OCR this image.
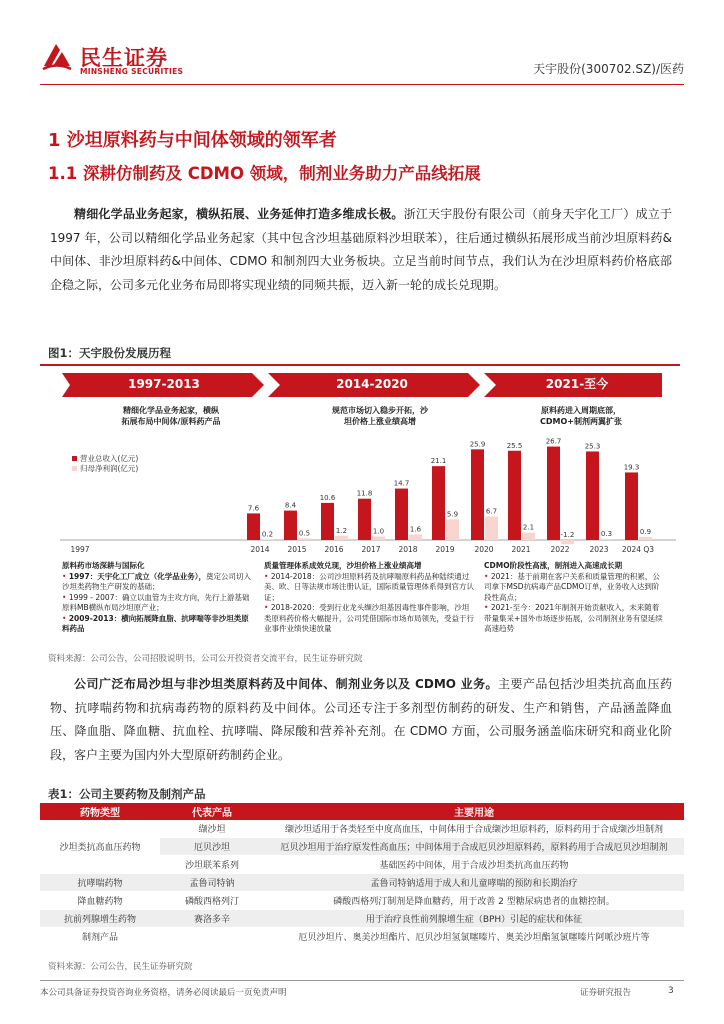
民生证券
MINSHENG SECURITIES	天宇股份(300702.SZ)/医药
1 沙坦原料药与中间体领域的领军者
1.1 深耕仿制药及 CDMO 领域，制剂业务助力产品线拓展
精细化学品业务起家，横纵拓展、业务延伸打造多维成长极。浙江天宇股份有限公司（前身天宇化工厂）成立于 1997 年，公司以精细化学品业务起家（其中包含沙坦基础原料沙坦联苯），往后通过横纵拓展形成当前沙坦原料药&中间体、非沙坦原料药&中间体、CDMO 和制剂四大业务板块。立足当前时间节点，我们认为在沙坦原料药价格底部企稳之际，公司多元化业务布局即将实现业绩的同频共振，迈入新一轮的成长兑现期。
图1：天宇股份发展历程
1997-2013	2014-2020	2021-至今
精细化学品业务起家，横纵
拓展布局中间体/原料药产品
规范市场切入稳步开拓，沙
坦价格上涨业绩高增
原料药进入周期底部，
CDMO+制剂两翼扩张
营业总收入(亿元)
归母净利润(亿元)
1997
7.6
0.2
2014
8.4
0.5
2015
10.6
1.2
2016
11.8
1.0
2017
14.7
1.6
2018
21.1
5.9
2019
25.9
6.7
2020
25.5
2.1
2021
26.7
-1.2
2022
25.3
0.3
2023
19.3
0.9
2024 Q3
原料药市场深耕与国际化
• 1997：天宇化工厂成立（化学品业务），奠定公司切入沙坦类药物生产研发的基础；
• 1999 - 2007：确立以血管为主攻方向，先行上游基础原料MB横纵布局沙坦原产业；
• 2009-2013：横向拓展降血脂、抗哮喘等非沙坦类原料药品
质量管理体系成效兑现，沙坦价格上涨业绩高增
• 2014-2018：公司沙坦原料药及抗哮喘原料药品种陆续通过美、欧、日等法规市场注册认证，国际质量管理体系得到官方认证；
• 2018-2020：受到行业龙头缬沙坦基因毒性事件影响，沙坦类原料药价格大幅提升，公司凭借国际市场布局领先，受益于行业事件业绩快速放量
CDMO阶段性高涨，制剂进入高速成长期
• 2021：基于前期在客户关系和质量管理的积累，公司拿下MSD抗病毒产品CDMO订单，业务收入达到阶段性高点；
• 2021-至今：2021年制剂开始贡献收入，未来随着带量集采+国外市场逐步拓展，公司制剂业务有望延续高速趋势
资料来源：公司公告，公司招股说明书，公司公开投资者交流平台，民生证券研究院
公司广泛布局沙坦与非沙坦类原料药及中间体、制剂业务以及 CDMO 业务。主要产品包括沙坦类抗高血压药物、抗哮喘药物和抗病毒药物的原料药及中间体。公司还专注于多剂型仿制药的研发、生产和销售，产品涵盖降血压、降血脂、降血糖、抗血栓、抗哮喘、降尿酸和营养补充剂。在 CDMO 方面，公司服务涵盖临床研究和商业化阶段，客户主要为国内外大型原研药制药企业。
表1：公司主要药物及制剂产品
药物类型	代表产品	主要用途
沙坦类抗高血压药物	缬沙坦	缬沙坦适用于各类轻至中度高血压，中间体用于合成缬沙坦原料药，原料药用于合成缬沙坦制剂
	厄贝沙坦	厄贝沙坦用于治疗原发性高血压；中间体用于合成厄贝沙坦原料药，原料药用于合成厄贝沙坦制剂
	沙坦联苯系列	基础医药中间体，用于合成沙坦类抗高血压药物
抗哮喘药物	孟鲁司特钠	孟鲁司特钠适用于成人和儿童哮喘的预防和长期治疗
降血糖药物	磷酸西格列汀	磷酸西格列汀制剂是降血糖药，用于改善 2 型糖尿病患者的血糖控制。
抗前列腺增生药物	赛洛多辛	用于治疗良性前列腺增生症（BPH）引起的症状和体征
制剂产品		厄贝沙坦片、奥美沙坦酯片、厄贝沙坦氢氯噻嗪片、奥美沙坦酯氢氯噻嗪片阿哌沙班片等
资料来源：公司公告，民生证券研究院
本公司具备证券投资咨询业务资格，请务必阅读最后一页免责声明	证券研究报告	3
